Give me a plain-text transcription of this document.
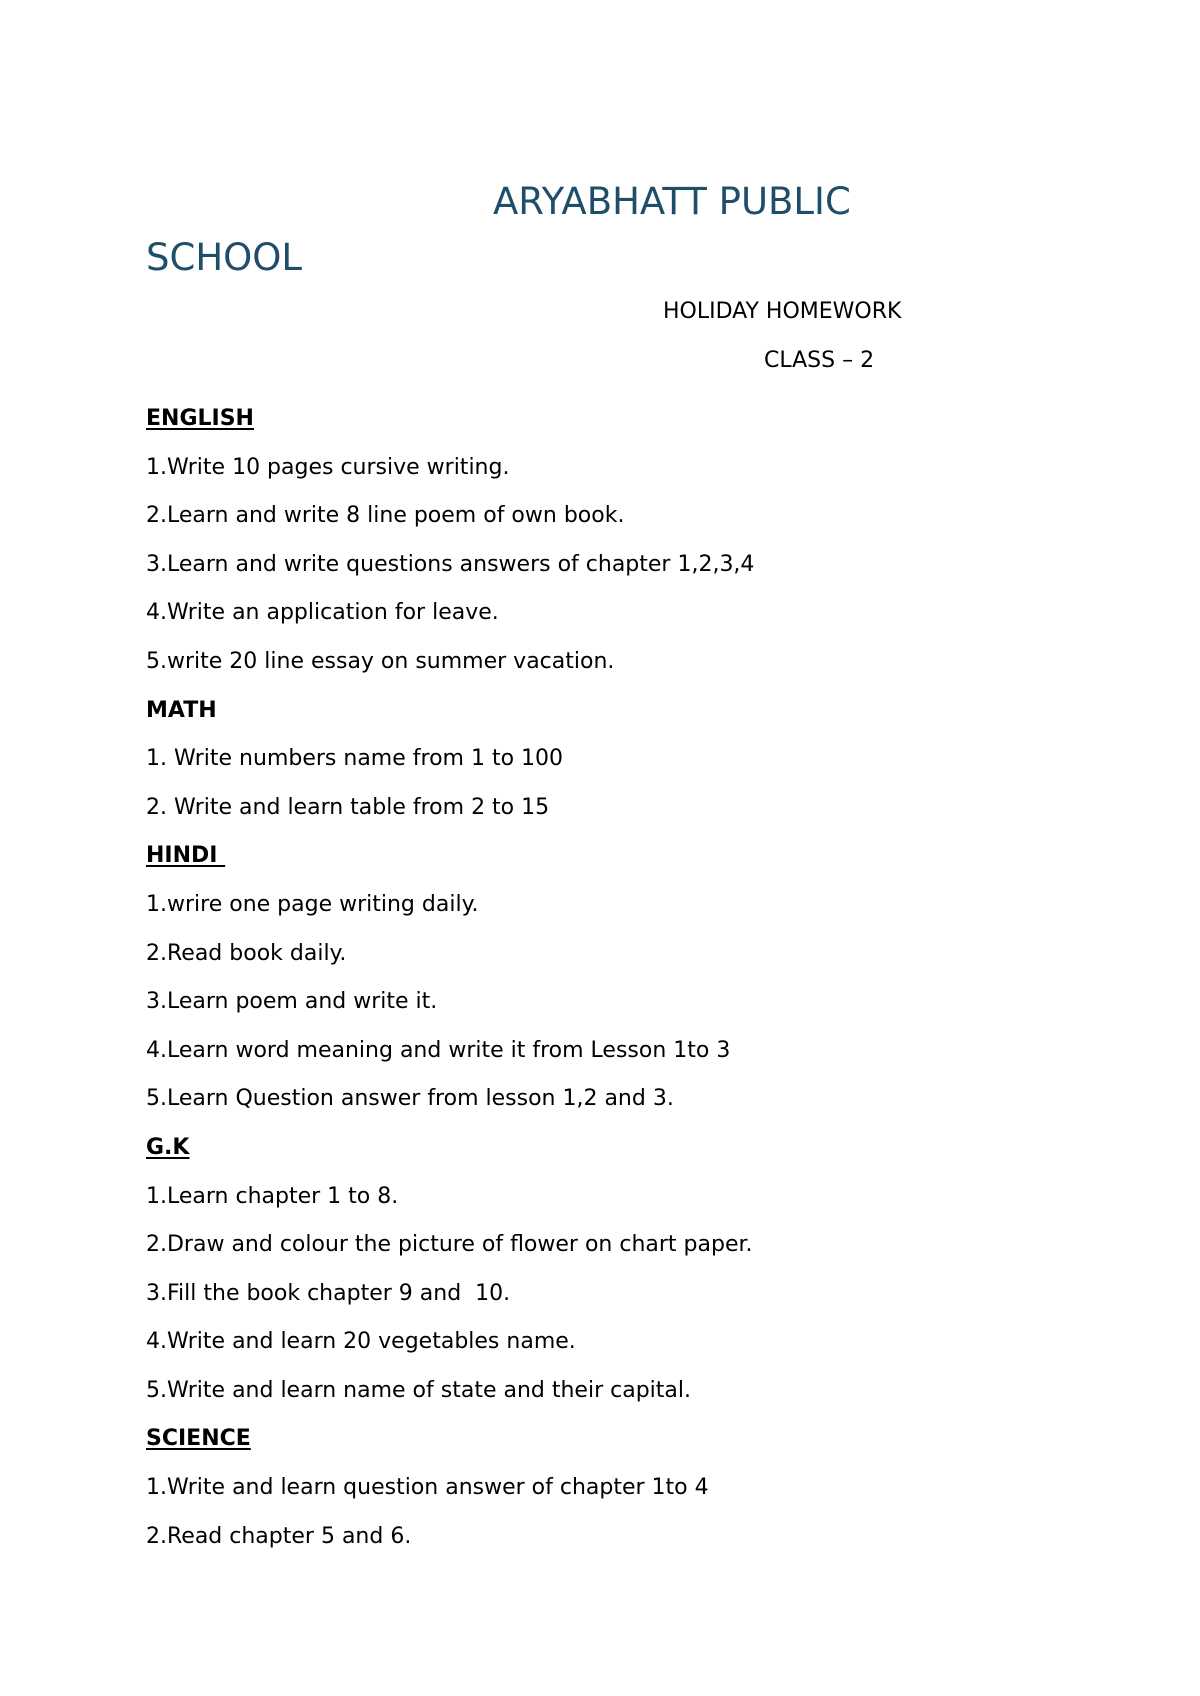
ARYABHATT PUBLIC
SCHOOL
HOLIDAY HOMEWORK
CLASS – 2
ENGLISH
1.Write 10 pages cursive writing.
2.Learn and write 8 line poem of own book.
3.Learn and write questions answers of chapter 1,2,3,4
4.Write an application for leave.
5.write 20 line essay on summer vacation.
MATH
1. Write numbers name from 1 to 100
2. Write and learn table from 2 to 15
HINDI
1.wrire one page writing daily.
2.Read book daily.
3.Learn poem and write it.
4.Learn word meaning and write it from Lesson 1to 3
5.Learn Question answer from lesson 1,2 and 3.
G.K
1.Learn chapter 1 to 8.
2.Draw and colour the picture of flower on chart paper.
3.Fill the book chapter 9 and  10.
4.Write and learn 20 vegetables name.
5.Write and learn name of state and their capital.
SCIENCE
1.Write and learn question answer of chapter 1to 4
2.Read chapter 5 and 6.
